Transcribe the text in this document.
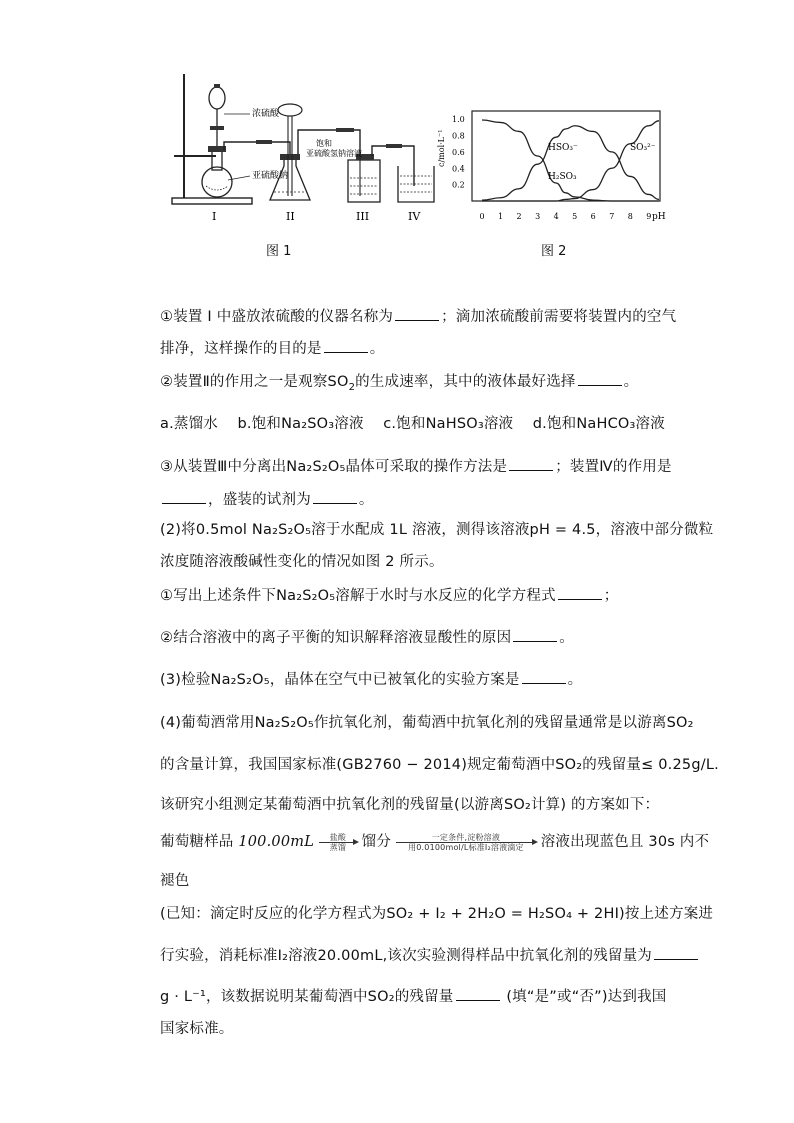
浓硫酸
亚硫酸钠
饱和
亚硫酸氢钠溶液
I	II	III	IV
图 1
0.2
0.4
0.6
0.8
1.0
0 1 2 3 4 5 6 7 8 9
c/mol·L⁻¹
pH
HSO₃⁻	SO₃²⁻
H₂SO₃
图 2
①装置 I 中盛放浓硫酸的仪器名称为	；滴加浓硫酸前需要将装置内的空气
排净，这样操作的目的是	。
②装置Ⅱ的作用之一是观察$SO_2$的生成速率，其中的液体最好选择	。
a.蒸馏水　 b.饱和Na₂SO₃溶液　 c.饱和NaHSO₃溶液　 d.饱和NaHCO₃溶液
③从装置Ⅲ中分离出Na₂S₂O₅晶体可采取的操作方法是	；装置Ⅳ的作用是
，盛装的试剂为	。
(2)将0.5mol Na₂S₂O₅溶于水配成 1L 溶液，测得该溶液pH = 4.5，溶液中部分微粒
浓度随溶液酸碱性变化的情况如图 2 所示。
①写出上述条件下Na₂S₂O₅溶解于水时与水反应的化学方程式	；
②结合溶液中的离子平衡的知识解释溶液显酸性的原因	。
(3)检验Na₂S₂O₅，晶体在空气中已被氧化的实验方案是	。
(4)葡萄酒常用Na₂S₂O₅作抗氧化剂，葡萄酒中抗氧化剂的残留量通常是以游离SO₂
的含量计算，我国国家标准(GB2760 − 2014)规定葡萄酒中SO₂的残留量≤ 0.25g/L.
该研究小组测定某葡萄酒中抗氧化剂的残留量(以游离SO₂计算) 的方案如下：
葡萄糖样品 100.00mL	盐酸
蒸馏	馏分	一定条件,淀粉溶液
用0.0100mol/L标准I₂溶液滴定	溶液出现蓝色且 30s 内不
褪色
(已知：滴定时反应的化学方程式为SO₂ + I₂ + 2H₂O = H₂SO₄ + 2HI)按上述方案进
行实验，消耗标准I₂溶液20.00mL,该次实验测得样品中抗氧化剂的残留量为
g · L⁻¹，该数据说明某葡萄酒中SO₂的残留量	(填“是”或“否”)达到我国
国家标准。
